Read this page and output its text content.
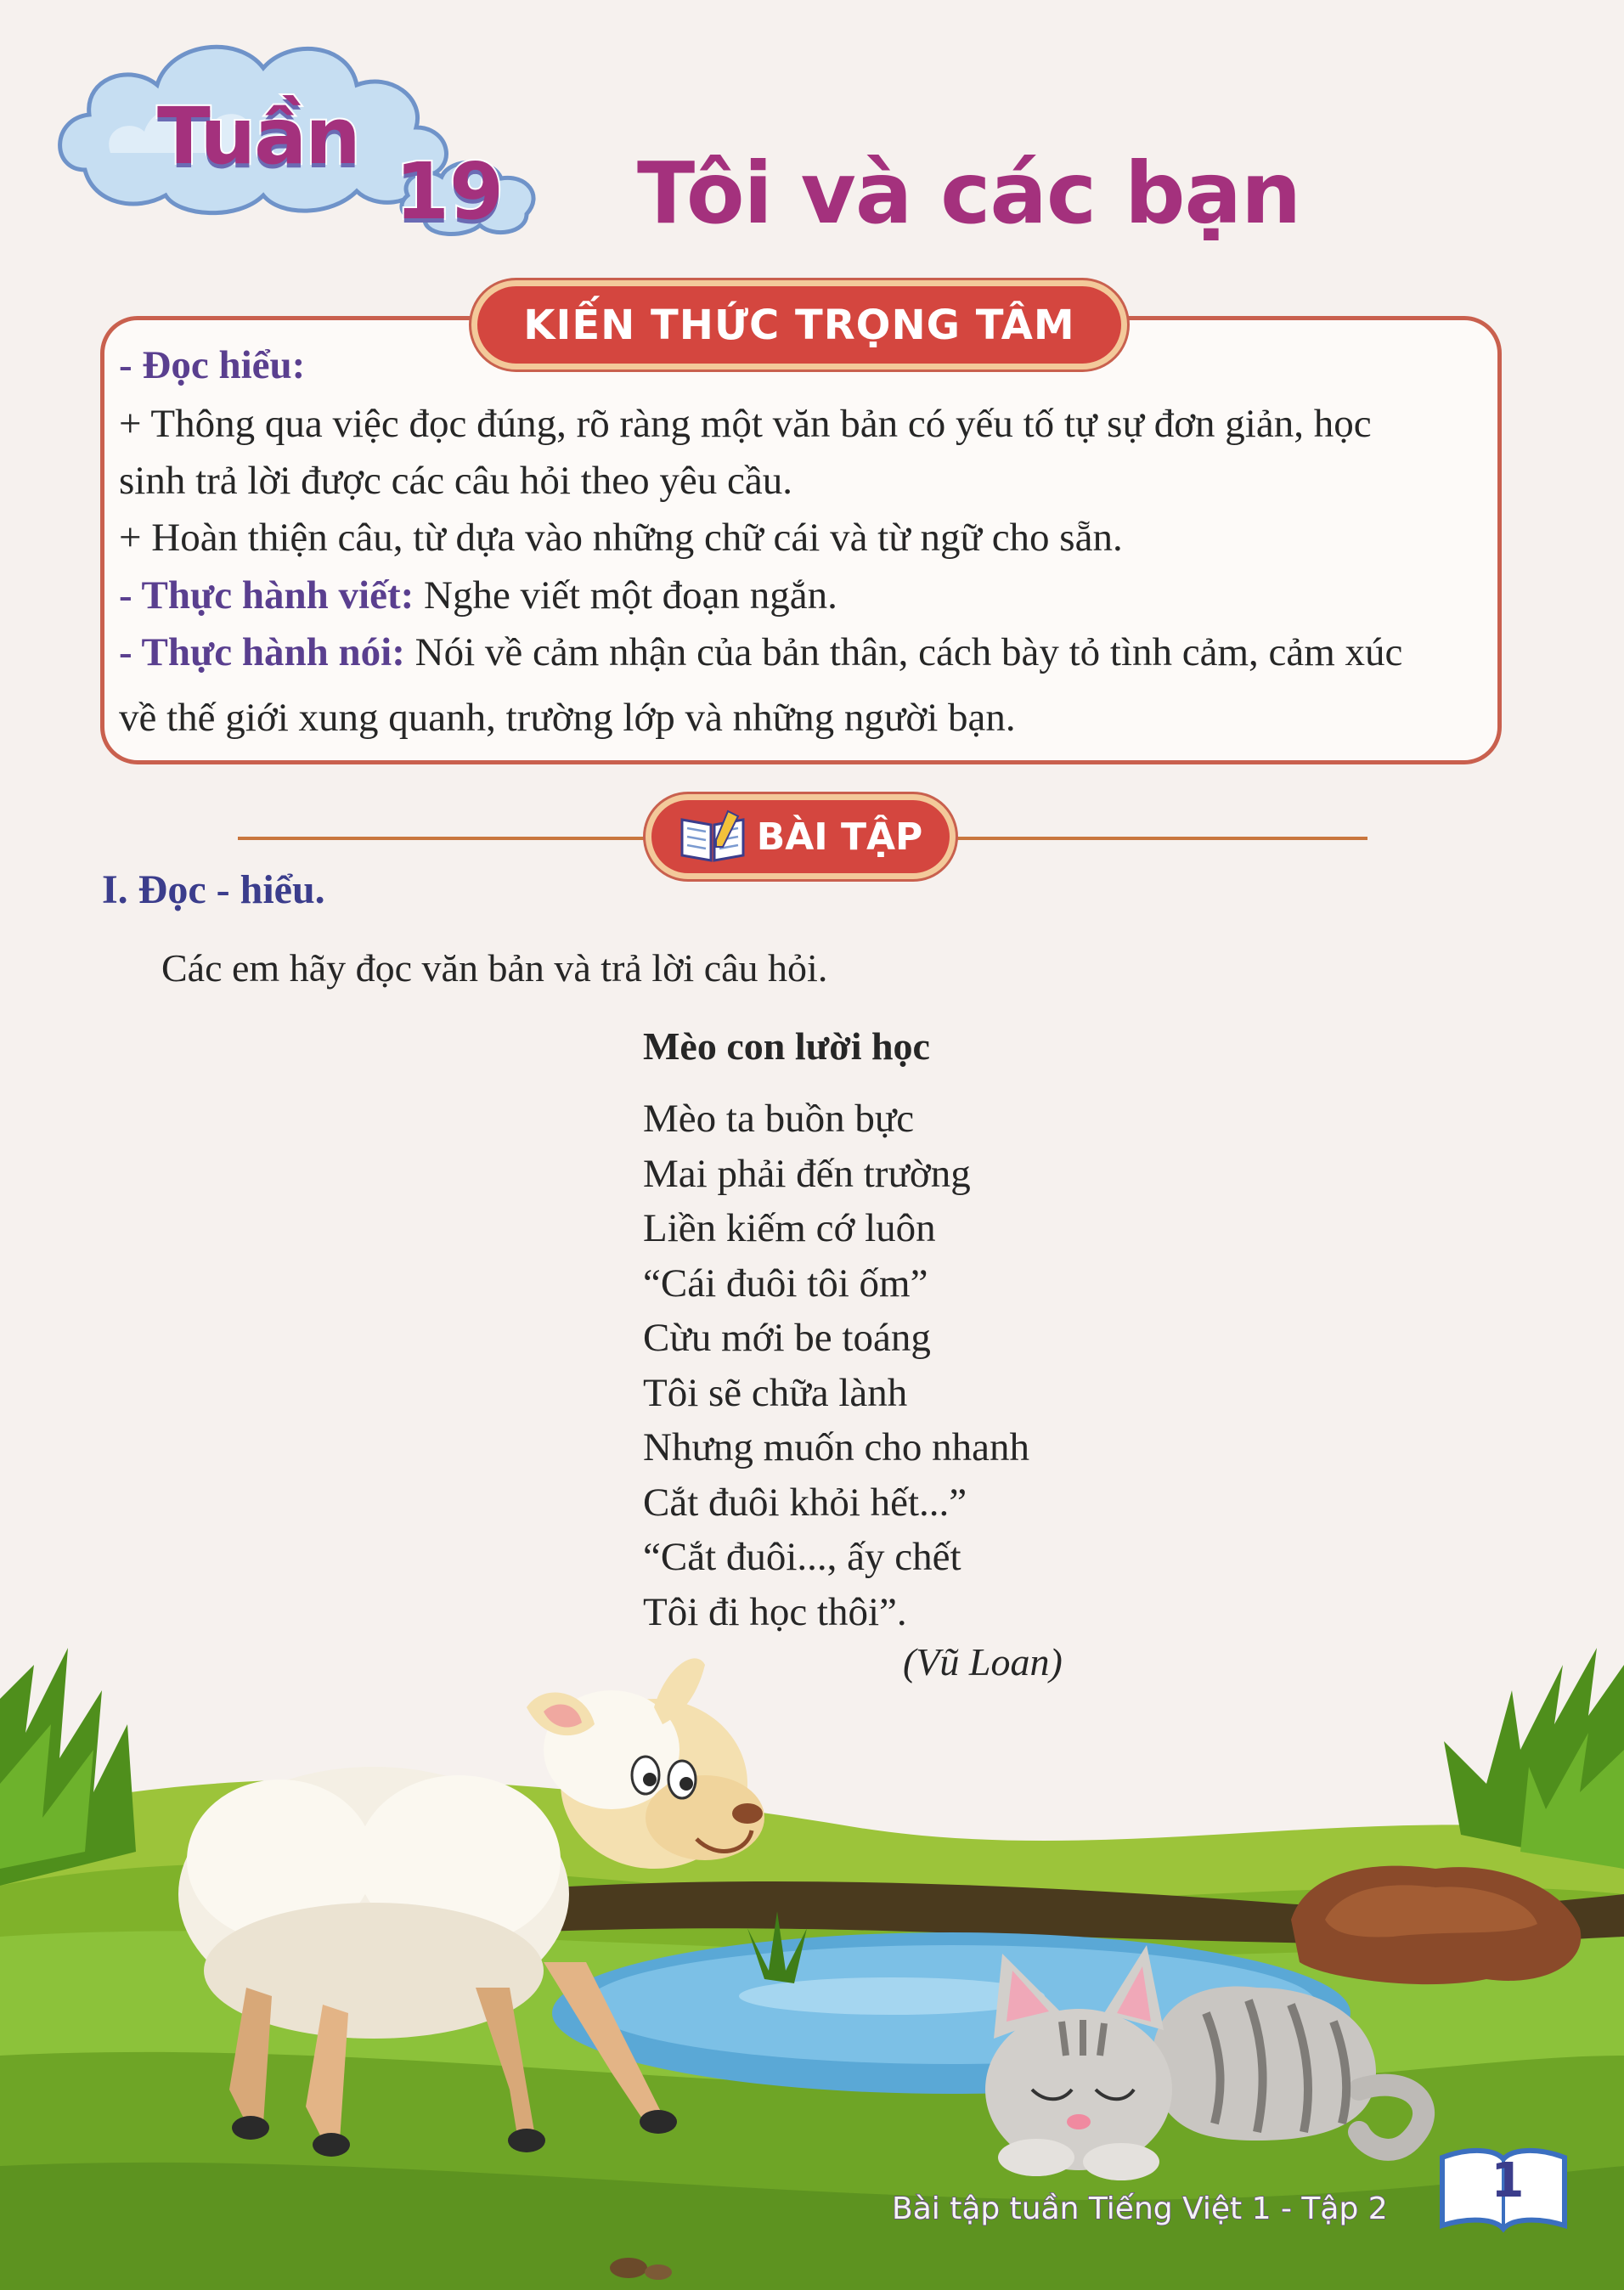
Tuần
19 Tôi và các bạn
KIẾN THỨC TRỌNG TÂM
- Đọc hiểu:
+ Thông qua việc đọc đúng, rõ ràng một văn bản có yếu tố tự sự đơn giản, học
sinh trả lời được các câu hỏi theo yêu cầu.
+ Hoàn thiện câu, từ dựa vào những chữ cái và từ ngữ cho sẵn.
- Thực hành viết: Nghe viết một đoạn ngắn.
- Thực hành nói: Nói về cảm nhận của bản thân, cách bày tỏ tình cảm, cảm xúc
về thế giới xung quanh, trường lớp và những người bạn.
BÀI TẬP
I. Đọc - hiểu.
Các em hãy đọc văn bản và trả lời câu hỏi.
Mèo con lười học
Mèo ta buồn bực
Mai phải đến trường
Liền kiếm cớ luôn
“Cái đuôi tôi ốm”
Cừu mới be toáng
Tôi sẽ chữa lành
Nhưng muốn cho nhanh
Cắt đuôi khỏi hết...”
“Cắt đuôi..., ấy chết
Tôi đi học thôi”.
(Vũ Loan)
Bài tập tuần Tiếng Việt 1 - Tập 2
1
